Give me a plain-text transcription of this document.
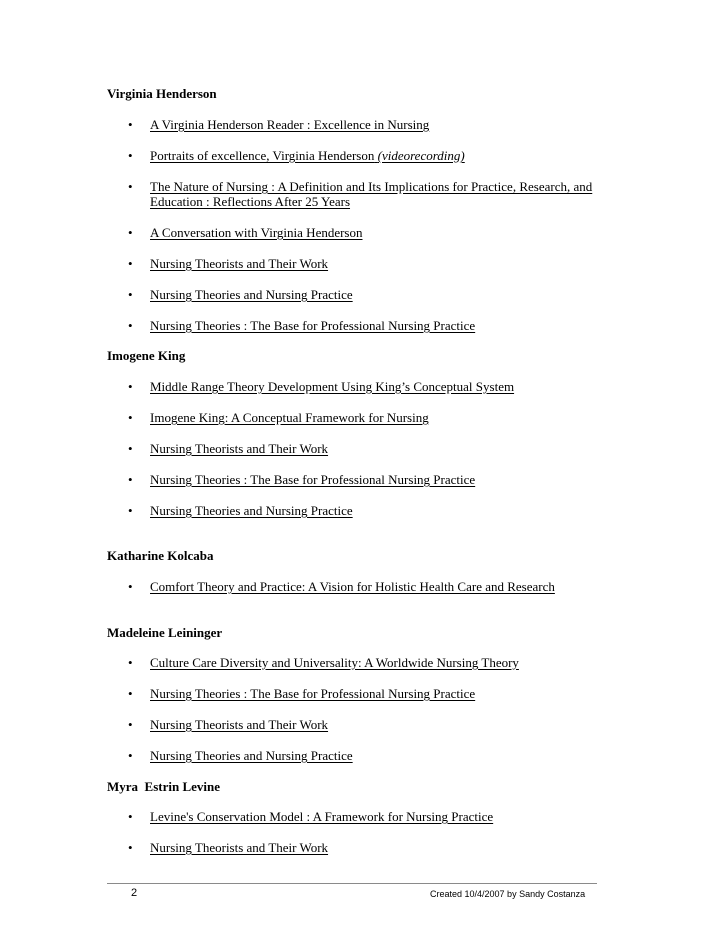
Virginia Henderson
• A Virginia Henderson Reader : Excellence in Nursing
• Portraits of excellence, Virginia Henderson (videorecording)
• The Nature of Nursing : A Definition and Its Implications for Practice, Research, and Education : Reflections After 25 Years
• A Conversation with Virginia Henderson
• Nursing Theorists and Their Work
• Nursing Theories and Nursing Practice
• Nursing Theories : The Base for Professional Nursing Practice
Imogene King
• Middle Range Theory Development Using King’s Conceptual System
• Imogene King: A Conceptual Framework for Nursing
• Nursing Theorists and Their Work
• Nursing Theories : The Base for Professional Nursing Practice
• Nursing Theories and Nursing Practice
Katharine Kolcaba
• Comfort Theory and Practice: A Vision for Holistic Health Care and Research
Madeleine Leininger
• Culture Care Diversity and Universality: A Worldwide Nursing Theory
• Nursing Theories : The Base for Professional Nursing Practice
• Nursing Theorists and Their Work
• Nursing Theories and Nursing Practice
Myra  Estrin Levine
• Levine's Conservation Model : A Framework for Nursing Practice
• Nursing Theorists and Their Work
2	Created 10/4/2007 by Sandy Costanza
